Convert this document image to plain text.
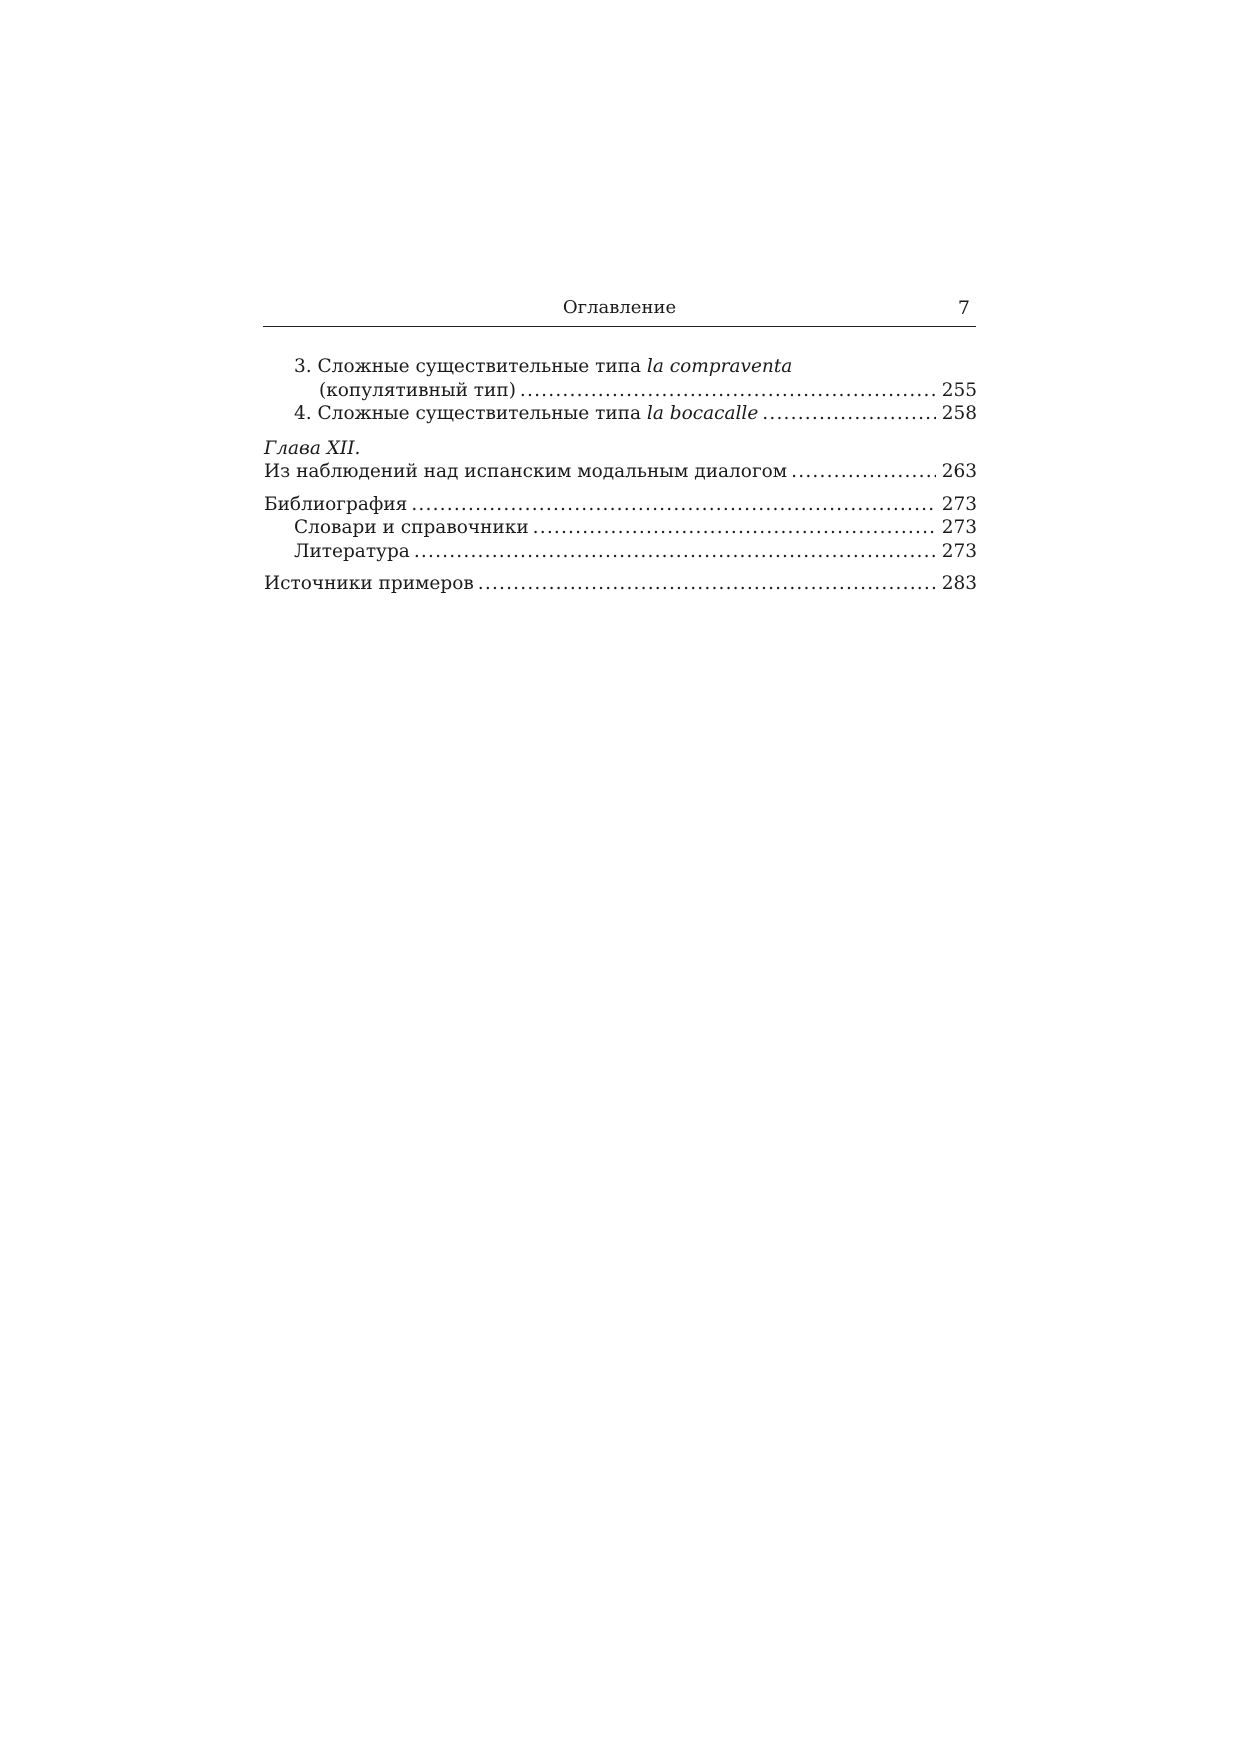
Оглавление	7
3. Сложные существительные типа la compraventa
(копулятивный тип) .....	255
4. Сложные существительные типа la bocacalle .....	258
Глава XII.
Из наблюдений над испанским модальным диалогом .....	263
Библиография .....	273
Словари и справочники .....	273
Литература .....	273
Источники примеров .....	283
